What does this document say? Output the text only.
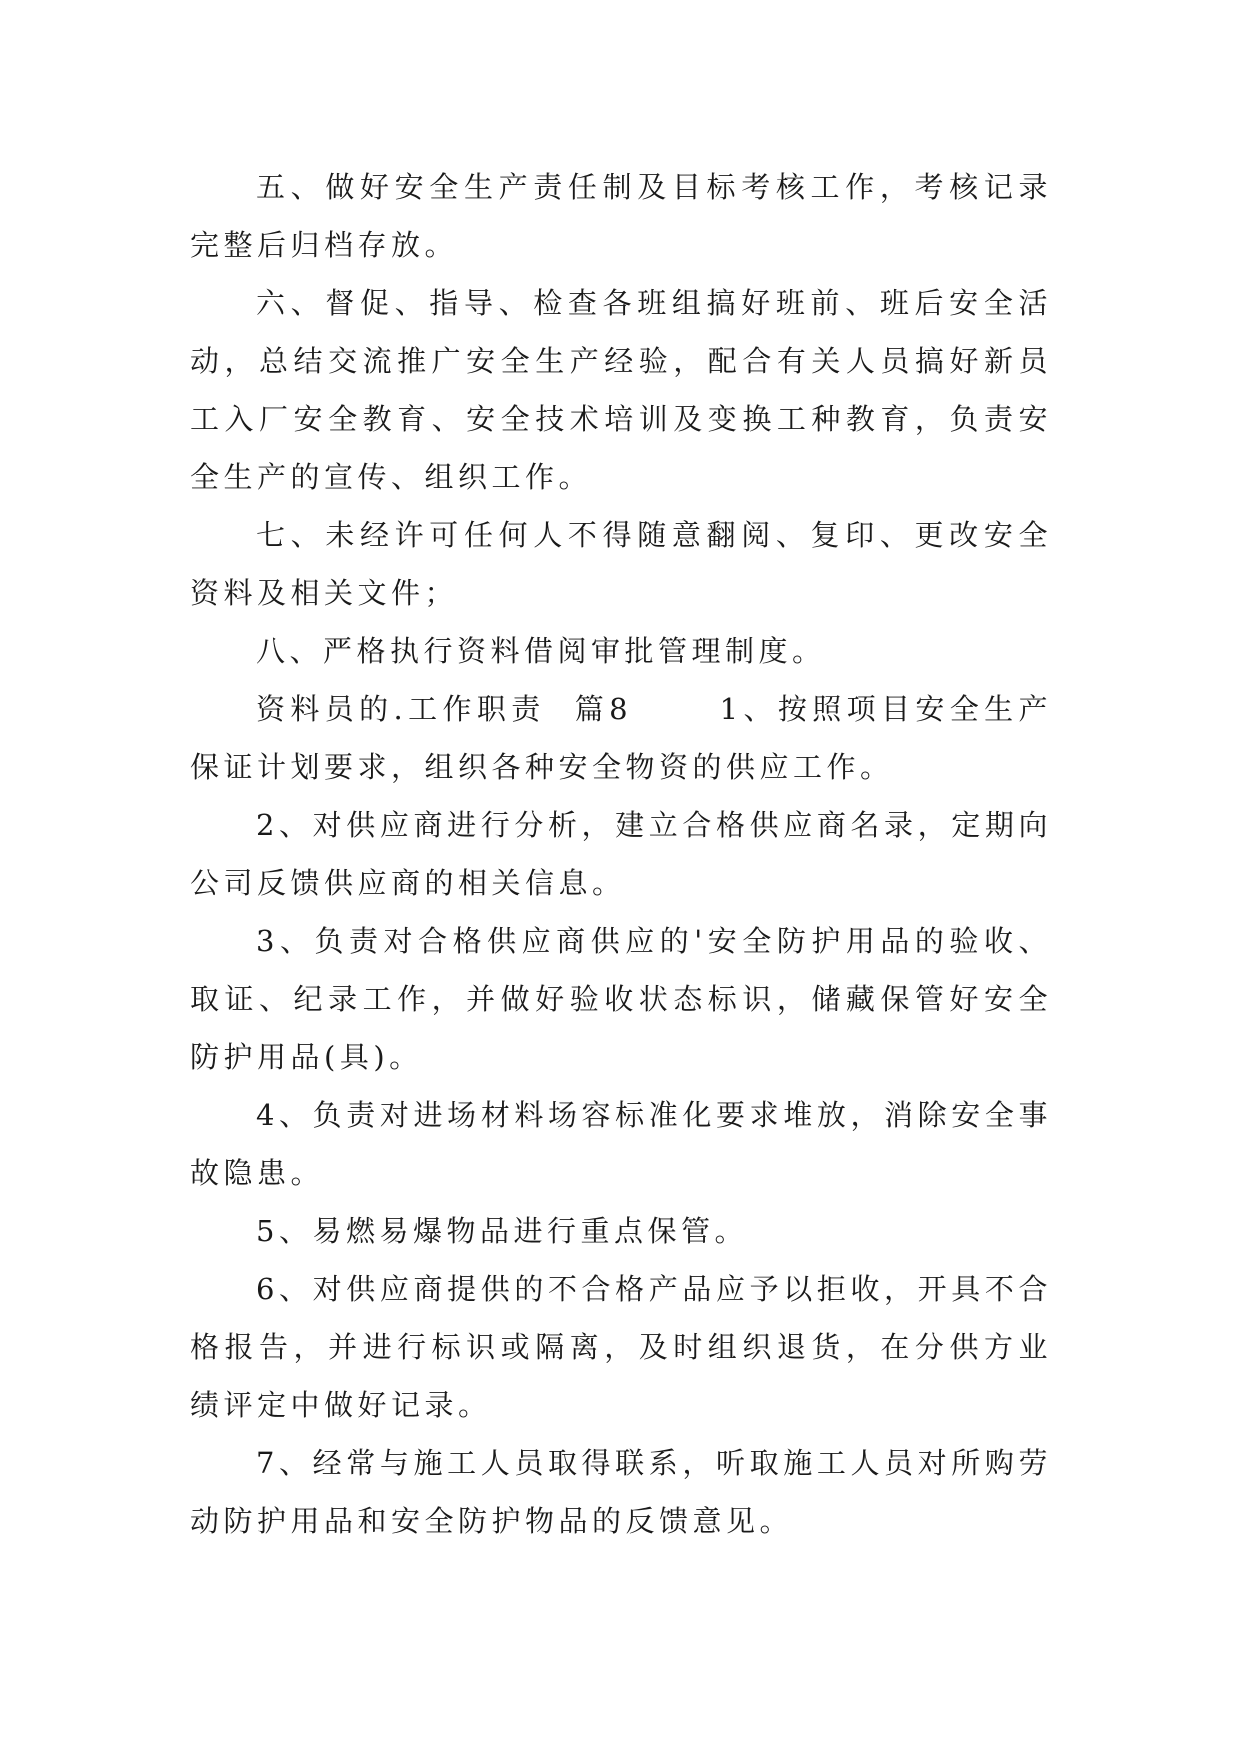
五、做好安全生产责任制及目标考核工作，考核记录完整后归档存放。

六、督促、指导、检查各班组搞好班前、班后安全活动，总结交流推广安全生产经验，配合有关人员搞好新员工入厂安全教育、安全技术培训及变换工种教育，负责安全生产的宣传、组织工作。

七、未经许可任何人不得随意翻阅、复印、更改安全资料及相关文件；

八、严格执行资料借阅审批管理制度。

资料员的.工作职责  篇8      1、按照项目安全生产保证计划要求，组织各种安全物资的供应工作。

2、对供应商进行分析，建立合格供应商名录，定期向公司反馈供应商的相关信息。

3、负责对合格供应商供应的'安全防护用品的验收、取证、纪录工作，并做好验收状态标识，储藏保管好安全防护用品(具)。

4、负责对进场材料场容标准化要求堆放，消除安全事故隐患。

5、易燃易爆物品进行重点保管。

6、对供应商提供的不合格产品应予以拒收，开具不合格报告，并进行标识或隔离，及时组织退货，在分供方业绩评定中做好记录。

7、经常与施工人员取得联系，听取施工人员对所购劳动防护用品和安全防护物品的反馈意见。
